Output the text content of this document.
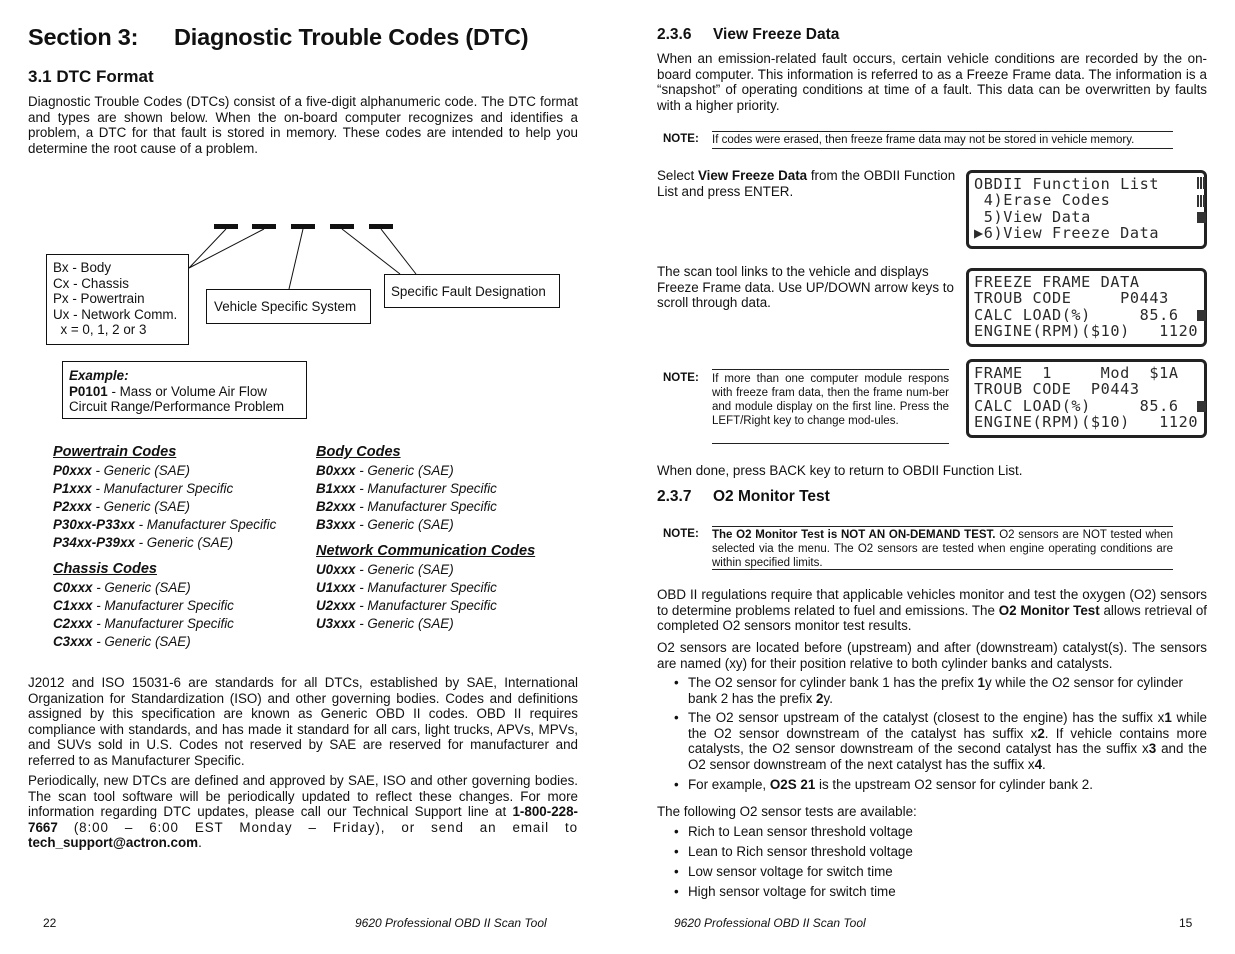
Section 3: Diagnostic Trouble Codes (DTC)
3.1 DTC Format

Diagnostic Trouble Codes (DTCs) consist of a five-digit alphanumeric code. The DTC format and types are shown below. When the on-board computer recognizes and identifies a problem, a DTC for that fault is stored in memory. These codes are intended to help you determine the root cause of a problem.

Bx - Body
Cx - Chassis
Px - Powertrain
Ux - Network Comm.
x = 0, 1, 2 or 3
Vehicle Specific System
Specific Fault Designation
Example:
P0101 - Mass or Volume Air Flow
Circuit Range/Performance Problem
Powertrain Codes
P0xxx - Generic (SAE)
P1xxx - Manufacturer Specific
P2xxx - Generic (SAE)
P30xx-P33xx - Manufacturer Specific
P34xx-P39xx - Generic (SAE)
Chassis Codes
C0xxx - Generic (SAE)
C1xxx - Manufacturer Specific
C2xxx - Manufacturer Specific
C3xxx - Generic (SAE)
Body Codes
B0xxx - Generic (SAE)
B1xxx - Manufacturer Specific
B2xxx - Manufacturer Specific
B3xxx - Generic (SAE)
Network Communication Codes
U0xxx - Generic (SAE)
U1xxx - Manufacturer Specific
U2xxx - Manufacturer Specific
U3xxx - Generic (SAE)

J2012 and ISO 15031-6 are standards for all DTCs, established by SAE, International Organization for Standardization (ISO) and other governing bodies. Codes and definitions assigned by this specification are known as Generic OBD II codes. OBD II requires compliance with standards, and has made it standard for all cars, light trucks, APVs, MPVs, and SUVs sold in U.S. Codes not reserved by SAE are reserved for manufacturer and referred to as Manufacturer Specific.

Periodically, new DTCs are defined and approved by SAE, ISO and other governing bodies. The scan tool software will be periodically updated to reflect these changes. For more information regarding DTC updates, please call our Technical Support line at 1-800-228-7667 (8:00 – 6:00 EST Monday – Friday), or send an email to tech_support@actron.com.

22	9620 Professional OBD II Scan Tool
2.3.6 View Freeze Data

When an emission-related fault occurs, certain vehicle conditions are recorded by the on-board computer. This information is referred to as a Freeze Frame data. The information is a “snapshot” of operating conditions at time of a fault. This data can be overwritten by faults with a higher priority.

NOTE: If codes were erased, then freeze frame data may not be stored in vehicle memory.

Select View Freeze Data from the OBDII Function List and press ENTER.	OBDII Function List
4)Erase Codes
5)View Data
▶6)View Freeze Data

The scan tool links to the vehicle and displays Freeze Frame data. Use UP/DOWN arrow keys to scroll through data.

FREEZE FRAME DATA
TROUB CODE     P0443
CALC LOAD(%)     85.6
ENGINE(RPM)($10)   1120
NOTE: If more than one computer module respons with freeze fram data, then the frame num-ber and module display on the first line. Press the LEFT/Right key to change mod-ules.
FRAME  1     Mod  $1A
TROUB CODE  P0443
CALC LOAD(%)     85.6
ENGINE(RPM)($10)   1120

When done, press BACK key to return to OBDII Function List.

2.3.7 O2 Monitor Test
NOTE: The O2 Monitor Test is NOT AN ON-DEMAND TEST. O2 sensors are NOT tested when selected via the menu. The O2 sensors are tested when engine operating conditions are within specified limits.

OBD II regulations require that applicable vehicles monitor and test the oxygen (O2) sensors to determine problems related to fuel and emissions. The O2 Monitor Test allows retrieval of completed O2 sensors monitor test results.

O2 sensors are located before (upstream) and after (downstream) catalyst(s). The sensors are named (xy) for their position relative to both cylinder banks and catalysts.

• The O2 sensor for cylinder bank 1 has the prefix 1y while the O2 sensor for cylinder bank 2 has the prefix 2y.
• The O2 sensor upstream of the catalyst (closest to the engine) has the suffix x1 while the O2 sensor downstream of the catalyst has suffix x2. If vehicle contains more catalysts, the O2 sensor downstream of the second catalyst has the suffix x3 and the O2 sensor downstream of the next catalyst has the suffix x4.
• For example, O2S 21 is the upstream O2 sensor for cylinder bank 2.

The following O2 sensor tests are available:

• Rich to Lean sensor threshold voltage
• Lean to Rich sensor threshold voltage
• Low sensor voltage for switch time
• High sensor voltage for switch time
9620 Professional OBD II Scan Tool	15
